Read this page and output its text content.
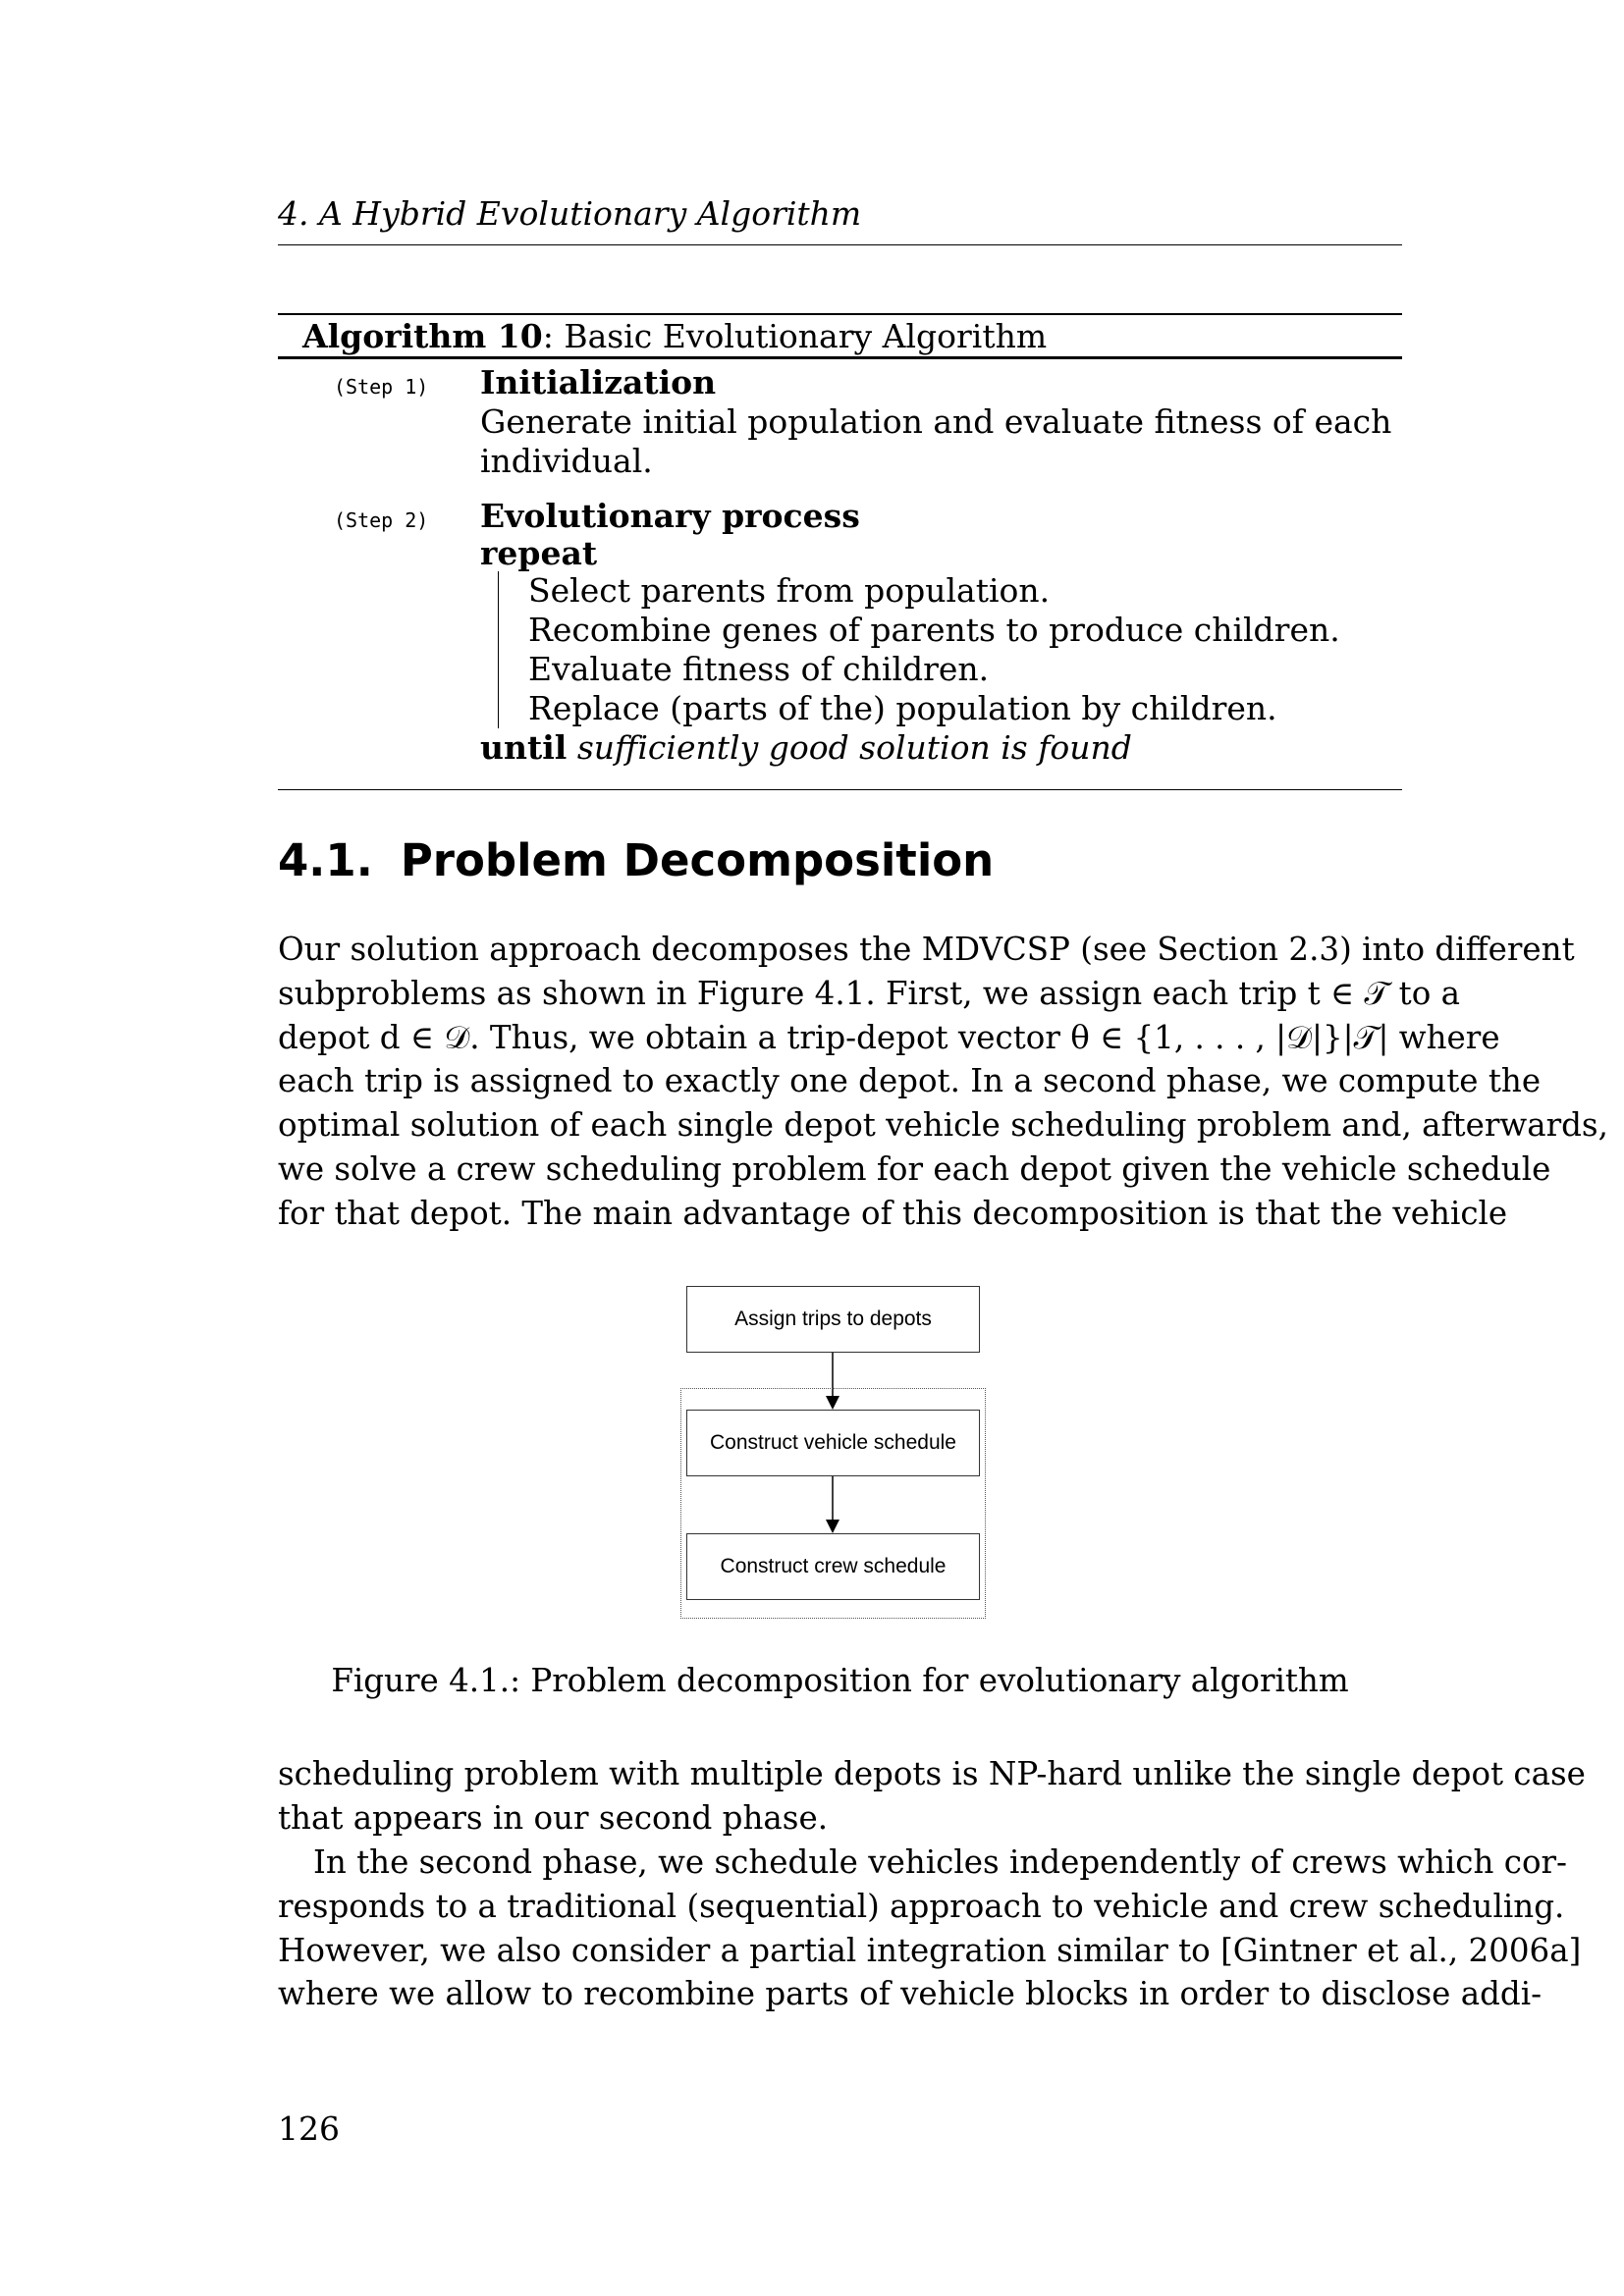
4. A Hybrid Evolutionary Algorithm
Algorithm 10: Basic Evolutionary Algorithm
(Step 1) Initialization
Generate initial population and evaluate fitness of each
individual.
(Step 2) Evolutionary process
repeat
Select parents from population.
Recombine genes of parents to produce children.
Evaluate fitness of children.
Replace (parts of the) population by children.
until sufficiently good solution is found
4.1. Problem Decomposition
Our solution approach decomposes the MDVCSP (see Section 2.3) into different
subproblems as shown in Figure 4.1. First, we assign each trip t ∈ 𝒯 to a
depot d ∈ 𝒟. Thus, we obtain a trip-depot vector θ ∈ {1, . . . , |𝒟|}|𝒯| where
each trip is assigned to exactly one depot. In a second phase, we compute the
optimal solution of each single depot vehicle scheduling problem and, afterwards,
we solve a crew scheduling problem for each depot given the vehicle schedule
for that depot. The main advantage of this decomposition is that the vehicle
Assign trips to depots
Construct vehicle schedule
Construct crew schedule
Figure 4.1.: Problem decomposition for evolutionary algorithm
scheduling problem with multiple depots is NP-hard unlike the single depot case
that appears in our second phase.
In the second phase, we schedule vehicles independently of crews which cor-
responds to a traditional (sequential) approach to vehicle and crew scheduling.
However, we also consider a partial integration similar to [Gintner et al., 2006a]
where we allow to recombine parts of vehicle blocks in order to disclose addi-
126
